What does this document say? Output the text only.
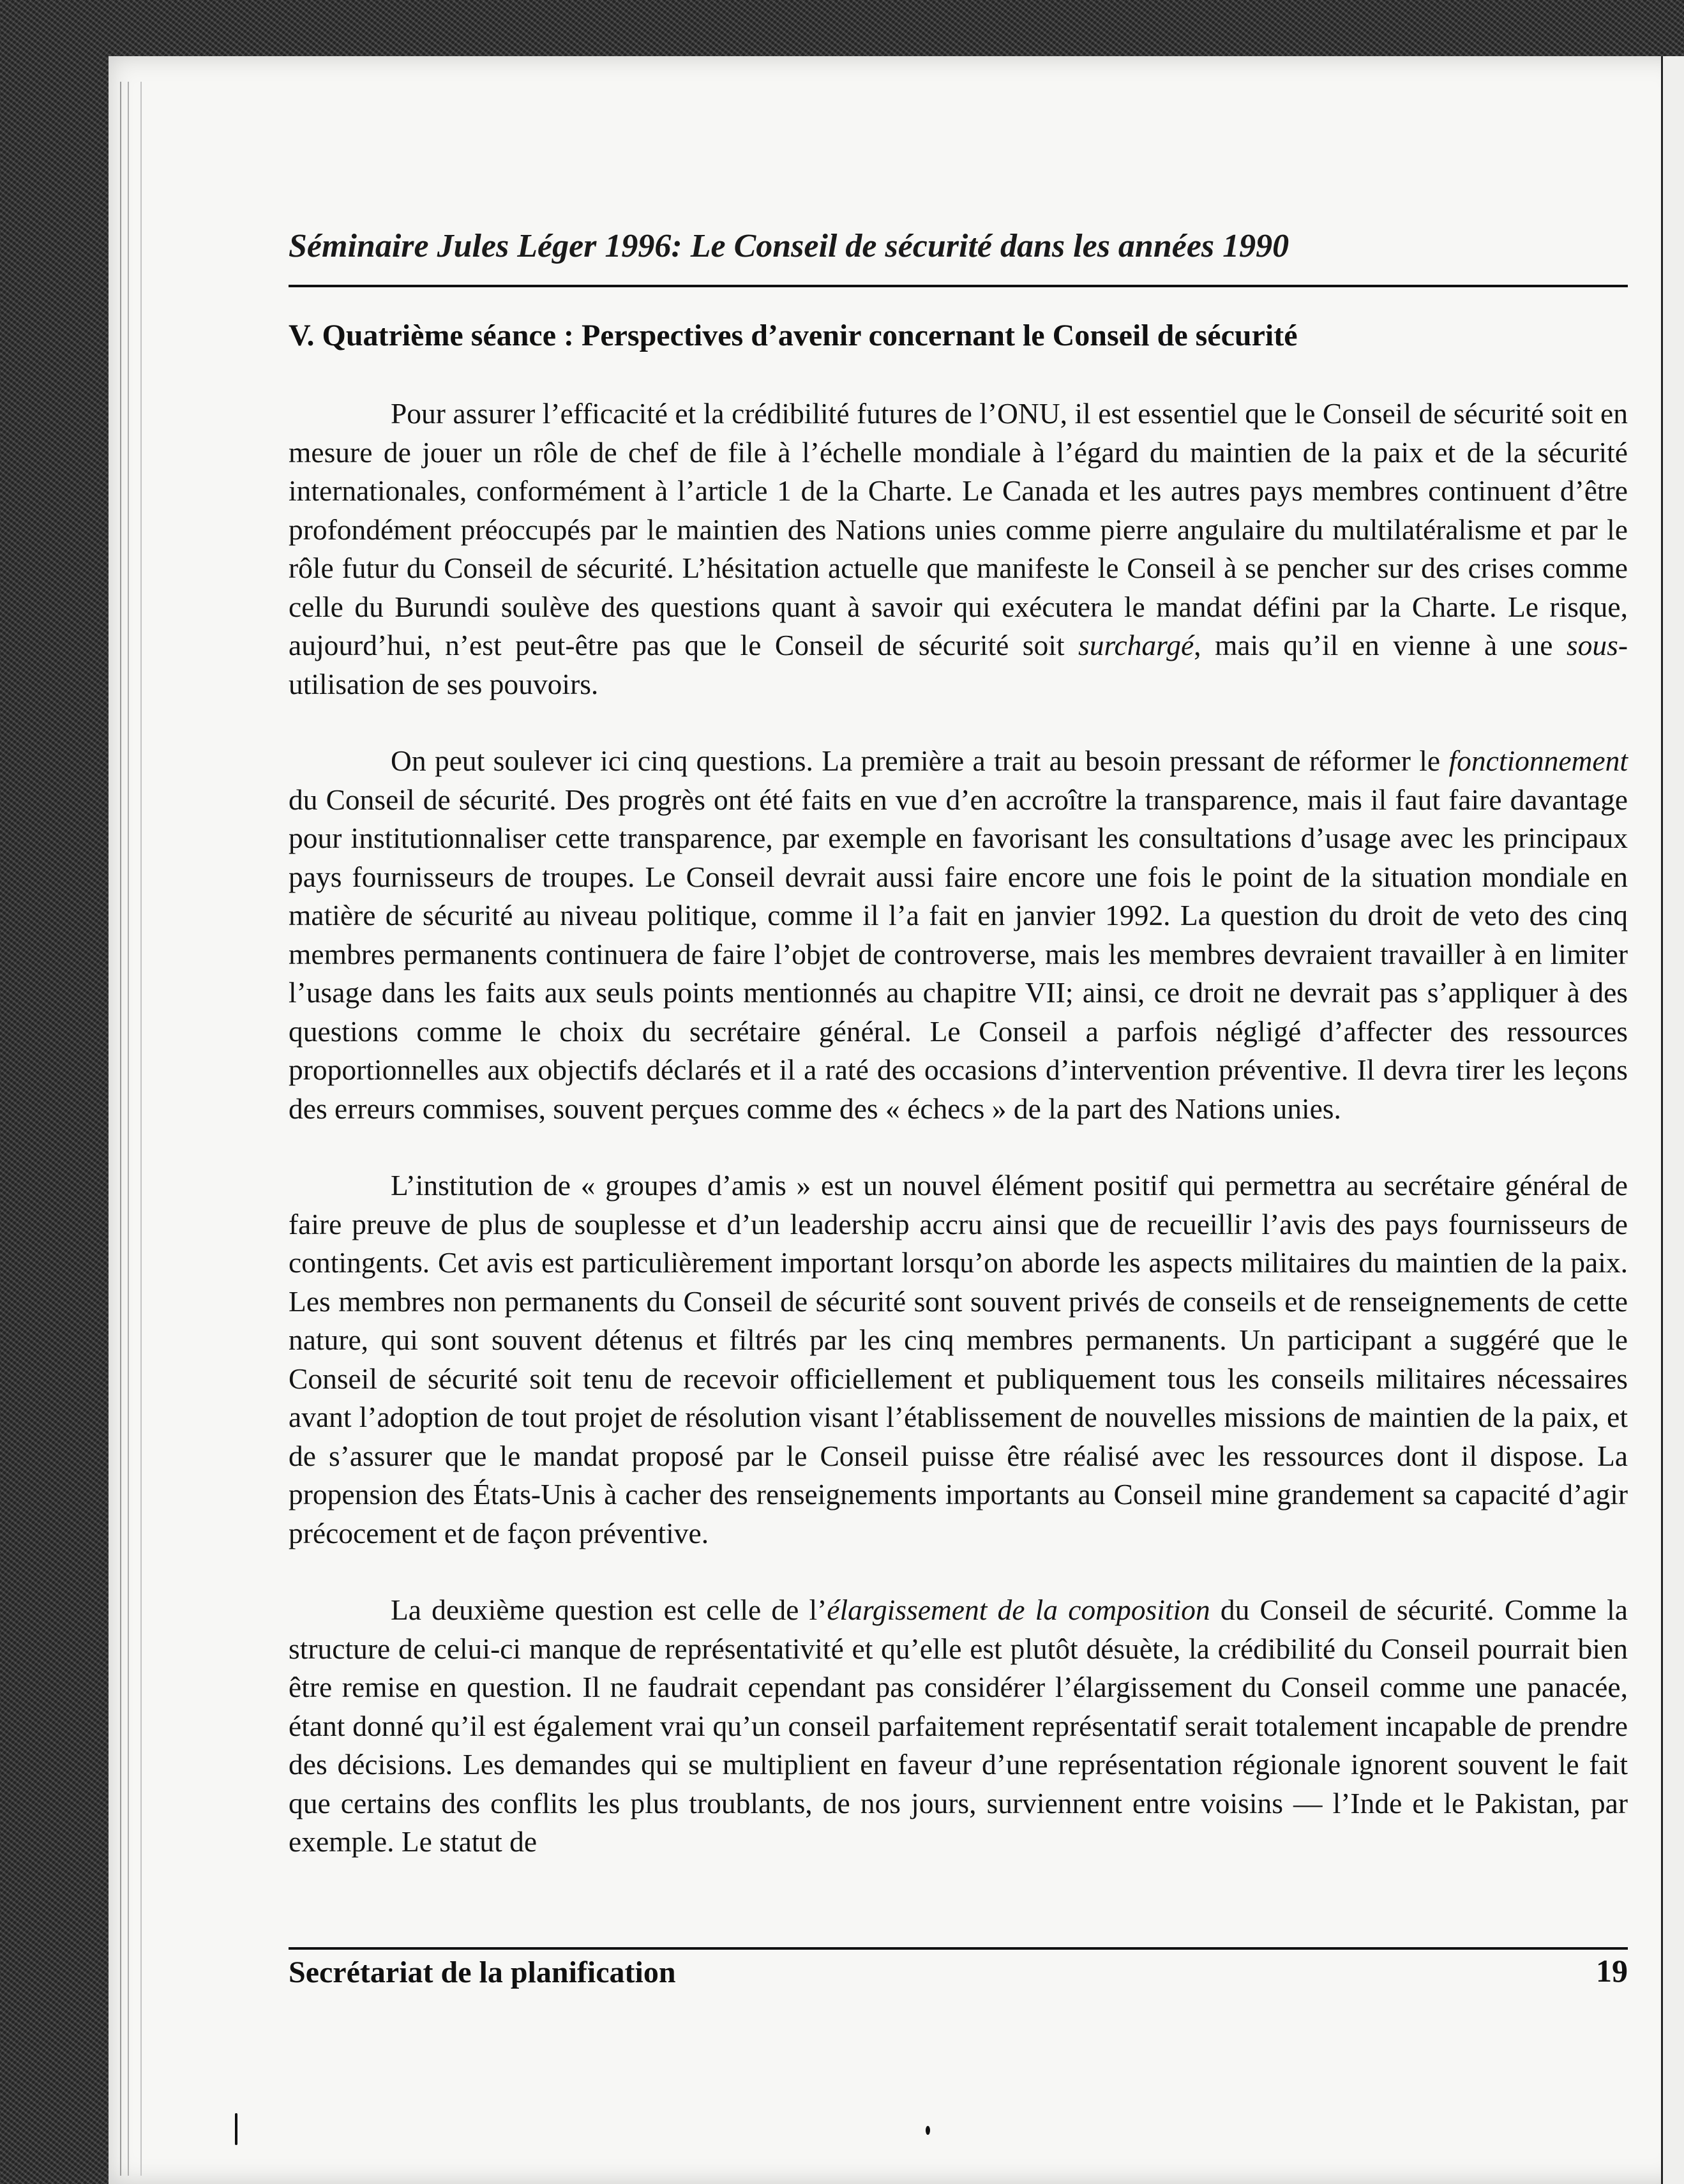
Séminaire Jules Léger 1996: Le Conseil de sécurité dans les années 1990
V. Quatrième séance : Perspectives d’avenir concernant le Conseil de sécurité

Pour assurer l’efficacité et la crédibilité futures de l’ONU, il est essentiel que le Conseil de sécurité soit en mesure de jouer un rôle de chef de file à l’échelle mondiale à l’égard du maintien de la paix et de la sécurité internationales, conformément à l’article 1 de la Charte. Le Canada et les autres pays membres continuent d’être profondément préoccupés par le maintien des Nations unies comme pierre angulaire du multilatéralisme et par le rôle futur du Conseil de sécurité. L’hésitation actuelle que manifeste le Conseil à se pencher sur des crises comme celle du Burundi soulève des questions quant à savoir qui exécutera le mandat défini par la Charte. Le risque, aujourd’hui, n’est peut-être pas que le Conseil de sécurité soit surchargé, mais qu’il en vienne à une sous-utilisation de ses pouvoirs.

On peut soulever ici cinq questions. La première a trait au besoin pressant de réformer le fonctionnement du Conseil de sécurité. Des progrès ont été faits en vue d’en accroître la transparence, mais il faut faire davantage pour institutionnaliser cette transparence, par exemple en favorisant les consultations d’usage avec les principaux pays fournisseurs de troupes. Le Conseil devrait aussi faire encore une fois le point de la situation mondiale en matière de sécurité au niveau politique, comme il l’a fait en janvier 1992. La question du droit de veto des cinq membres permanents continuera de faire l’objet de controverse, mais les membres devraient travailler à en limiter l’usage dans les faits aux seuls points mentionnés au chapitre VII; ainsi, ce droit ne devrait pas s’appliquer à des questions comme le choix du secrétaire général. Le Conseil a parfois négligé d’affecter des ressources proportionnelles aux objectifs déclarés et il a raté des occasions d’intervention préventive. Il devra tirer les leçons des erreurs commises, souvent perçues comme des « échecs » de la part des Nations unies.

L’institution de « groupes d’amis » est un nouvel élément positif qui permettra au secrétaire général de faire preuve de plus de souplesse et d’un leadership accru ainsi que de recueillir l’avis des pays fournisseurs de contingents. Cet avis est particulièrement important lorsqu’on aborde les aspects militaires du maintien de la paix. Les membres non permanents du Conseil de sécurité sont souvent privés de conseils et de renseignements de cette nature, qui sont souvent détenus et filtrés par les cinq membres permanents. Un participant a suggéré que le Conseil de sécurité soit tenu de recevoir officiellement et publiquement tous les conseils militaires nécessaires avant l’adoption de tout projet de résolution visant l’établissement de nouvelles missions de maintien de la paix, et de s’assurer que le mandat proposé par le Conseil puisse être réalisé avec les ressources dont il dispose. La propension des États-Unis à cacher des renseignements importants au Conseil mine grandement sa capacité d’agir précocement et de façon préventive.

La deuxième question est celle de l’élargissement de la composition du Conseil de sécurité. Comme la structure de celui-ci manque de représentativité et qu’elle est plutôt désuète, la crédibilité du Conseil pourrait bien être remise en question. Il ne faudrait cependant pas considérer l’élargissement du Conseil comme une panacée, étant donné qu’il est également vrai qu’un conseil parfaitement représentatif serait totalement incapable de prendre des décisions. Les demandes qui se multiplient en faveur d’une représentation régionale ignorent souvent le fait que certains des conflits les plus troublants, de nos jours, surviennent entre voisins — l’Inde et le Pakistan, par exemple. Le statut de

Secrétariat de la planification	19
